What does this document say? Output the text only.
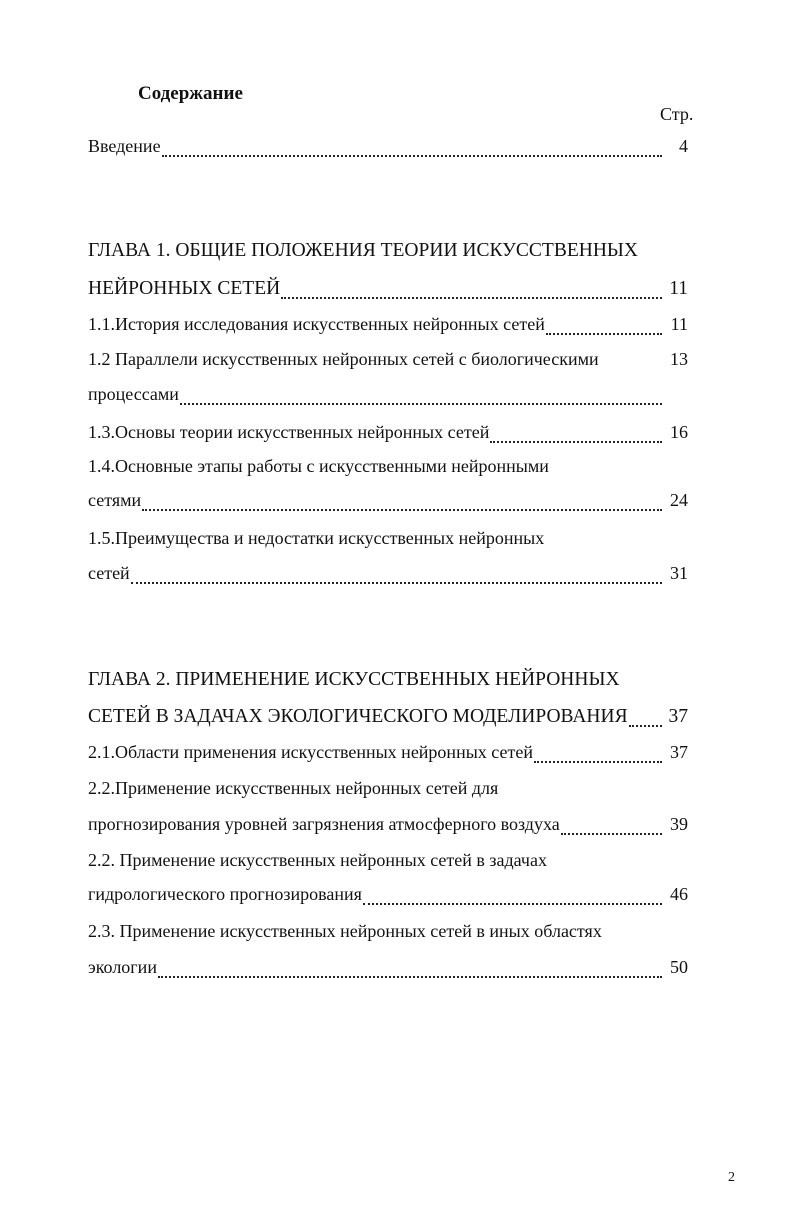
Содержание
Стр.
Введение	4
ГЛАВА 1. ОБЩИЕ ПОЛОЖЕНИЯ ТЕОРИИ ИСКУССТВЕННЫХ
НЕЙРОННЫХ СЕТЕЙ	11
1.1.История исследования искусственных нейронных сетей	11
1.2 Параллели искусственных нейронных сетей с биологическими	13
процессами
1.3.Основы теории искусственных нейронных сетей	16
1.4.Основные этапы работы с искусственными нейронными
сетями	24
1.5.Преимущества и недостатки искусственных нейронных
сетей	31
ГЛАВА 2. ПРИМЕНЕНИЕ ИСКУССТВЕННЫХ НЕЙРОННЫХ
СЕТЕЙ В ЗАДАЧАХ ЭКОЛОГИЧЕСКОГО МОДЕЛИРОВАНИЯ 37
2.1.Области применения искусственных нейронных сетей	37
2.2.Применение искусственных нейронных сетей для
прогнозирования уровней загрязнения атмосферного воздуха	39
2.2. Применение искусственных нейронных сетей в задачах
гидрологического прогнозирования	46
2.3. Применение искусственных нейронных сетей в иных областях
экологии	50
2
